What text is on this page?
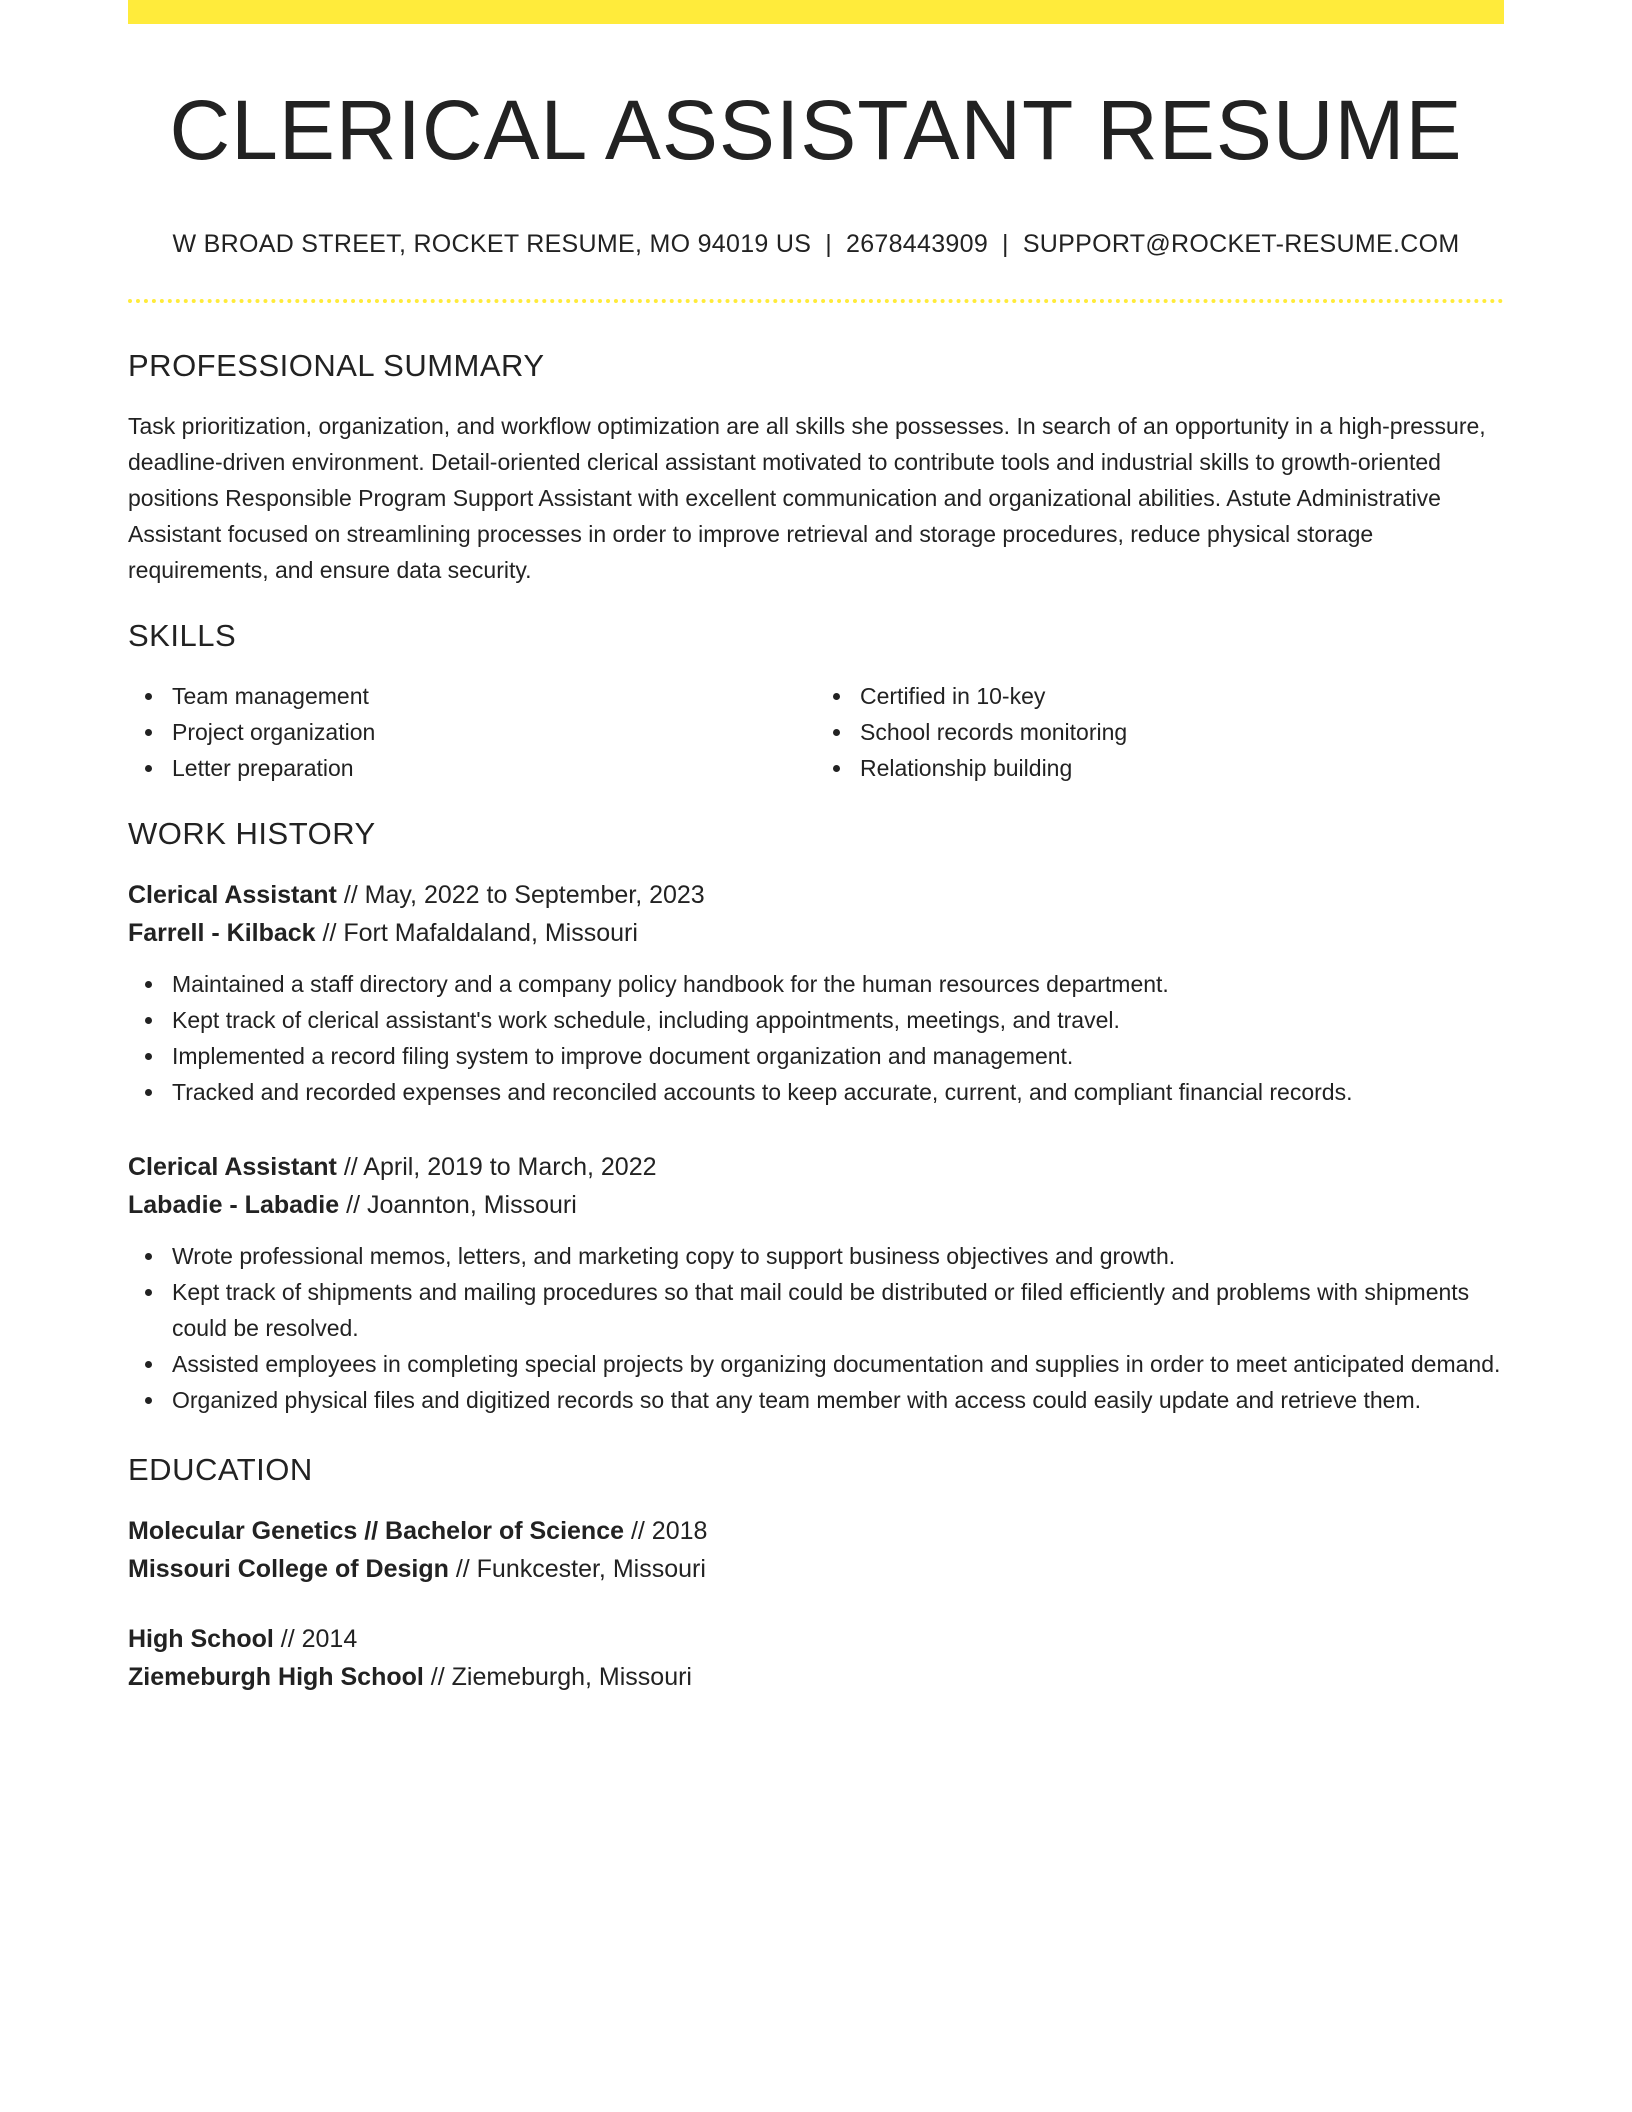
CLERICAL ASSISTANT RESUME
W BROAD STREET, ROCKET RESUME, MO 94019 US | 2678443909 | SUPPORT@ROCKET-RESUME.COM
PROFESSIONAL SUMMARY

Task prioritization, organization, and workflow optimization are all skills she possesses. In search of an opportunity in a high-pressure, deadline-driven environment. Detail-oriented clerical assistant motivated to contribute tools and industrial skills to growth-oriented positions Responsible Program Support Assistant with excellent communication and organizational abilities. Astute Administrative Assistant focused on streamlining processes in order to improve retrieval and storage procedures, reduce physical storage requirements, and ensure data security.

SKILLS
Team management
Project organization
Letter preparation
Certified in 10-key
School records monitoring
Relationship building
WORK HISTORY
Clerical Assistant // May, 2022 to September, 2023
Farrell - Kilback // Fort Mafaldaland, Missouri
Maintained a staff directory and a company policy handbook for the human resources department.
Kept track of clerical assistant's work schedule, including appointments, meetings, and travel.
Implemented a record filing system to improve document organization and management.
Tracked and recorded expenses and reconciled accounts to keep accurate, current, and compliant financial records.
Clerical Assistant // April, 2019 to March, 2022
Labadie - Labadie // Joannton, Missouri
Wrote professional memos, letters, and marketing copy to support business objectives and growth.
Kept track of shipments and mailing procedures so that mail could be distributed or filed efficiently and problems with shipments could be resolved.
Assisted employees in completing special projects by organizing documentation and supplies in order to meet anticipated demand.
Organized physical files and digitized records so that any team member with access could easily update and retrieve them.
EDUCATION
Molecular Genetics // Bachelor of Science // 2018
Missouri College of Design // Funkcester, Missouri
High School // 2014
Ziemeburgh High School // Ziemeburgh, Missouri
